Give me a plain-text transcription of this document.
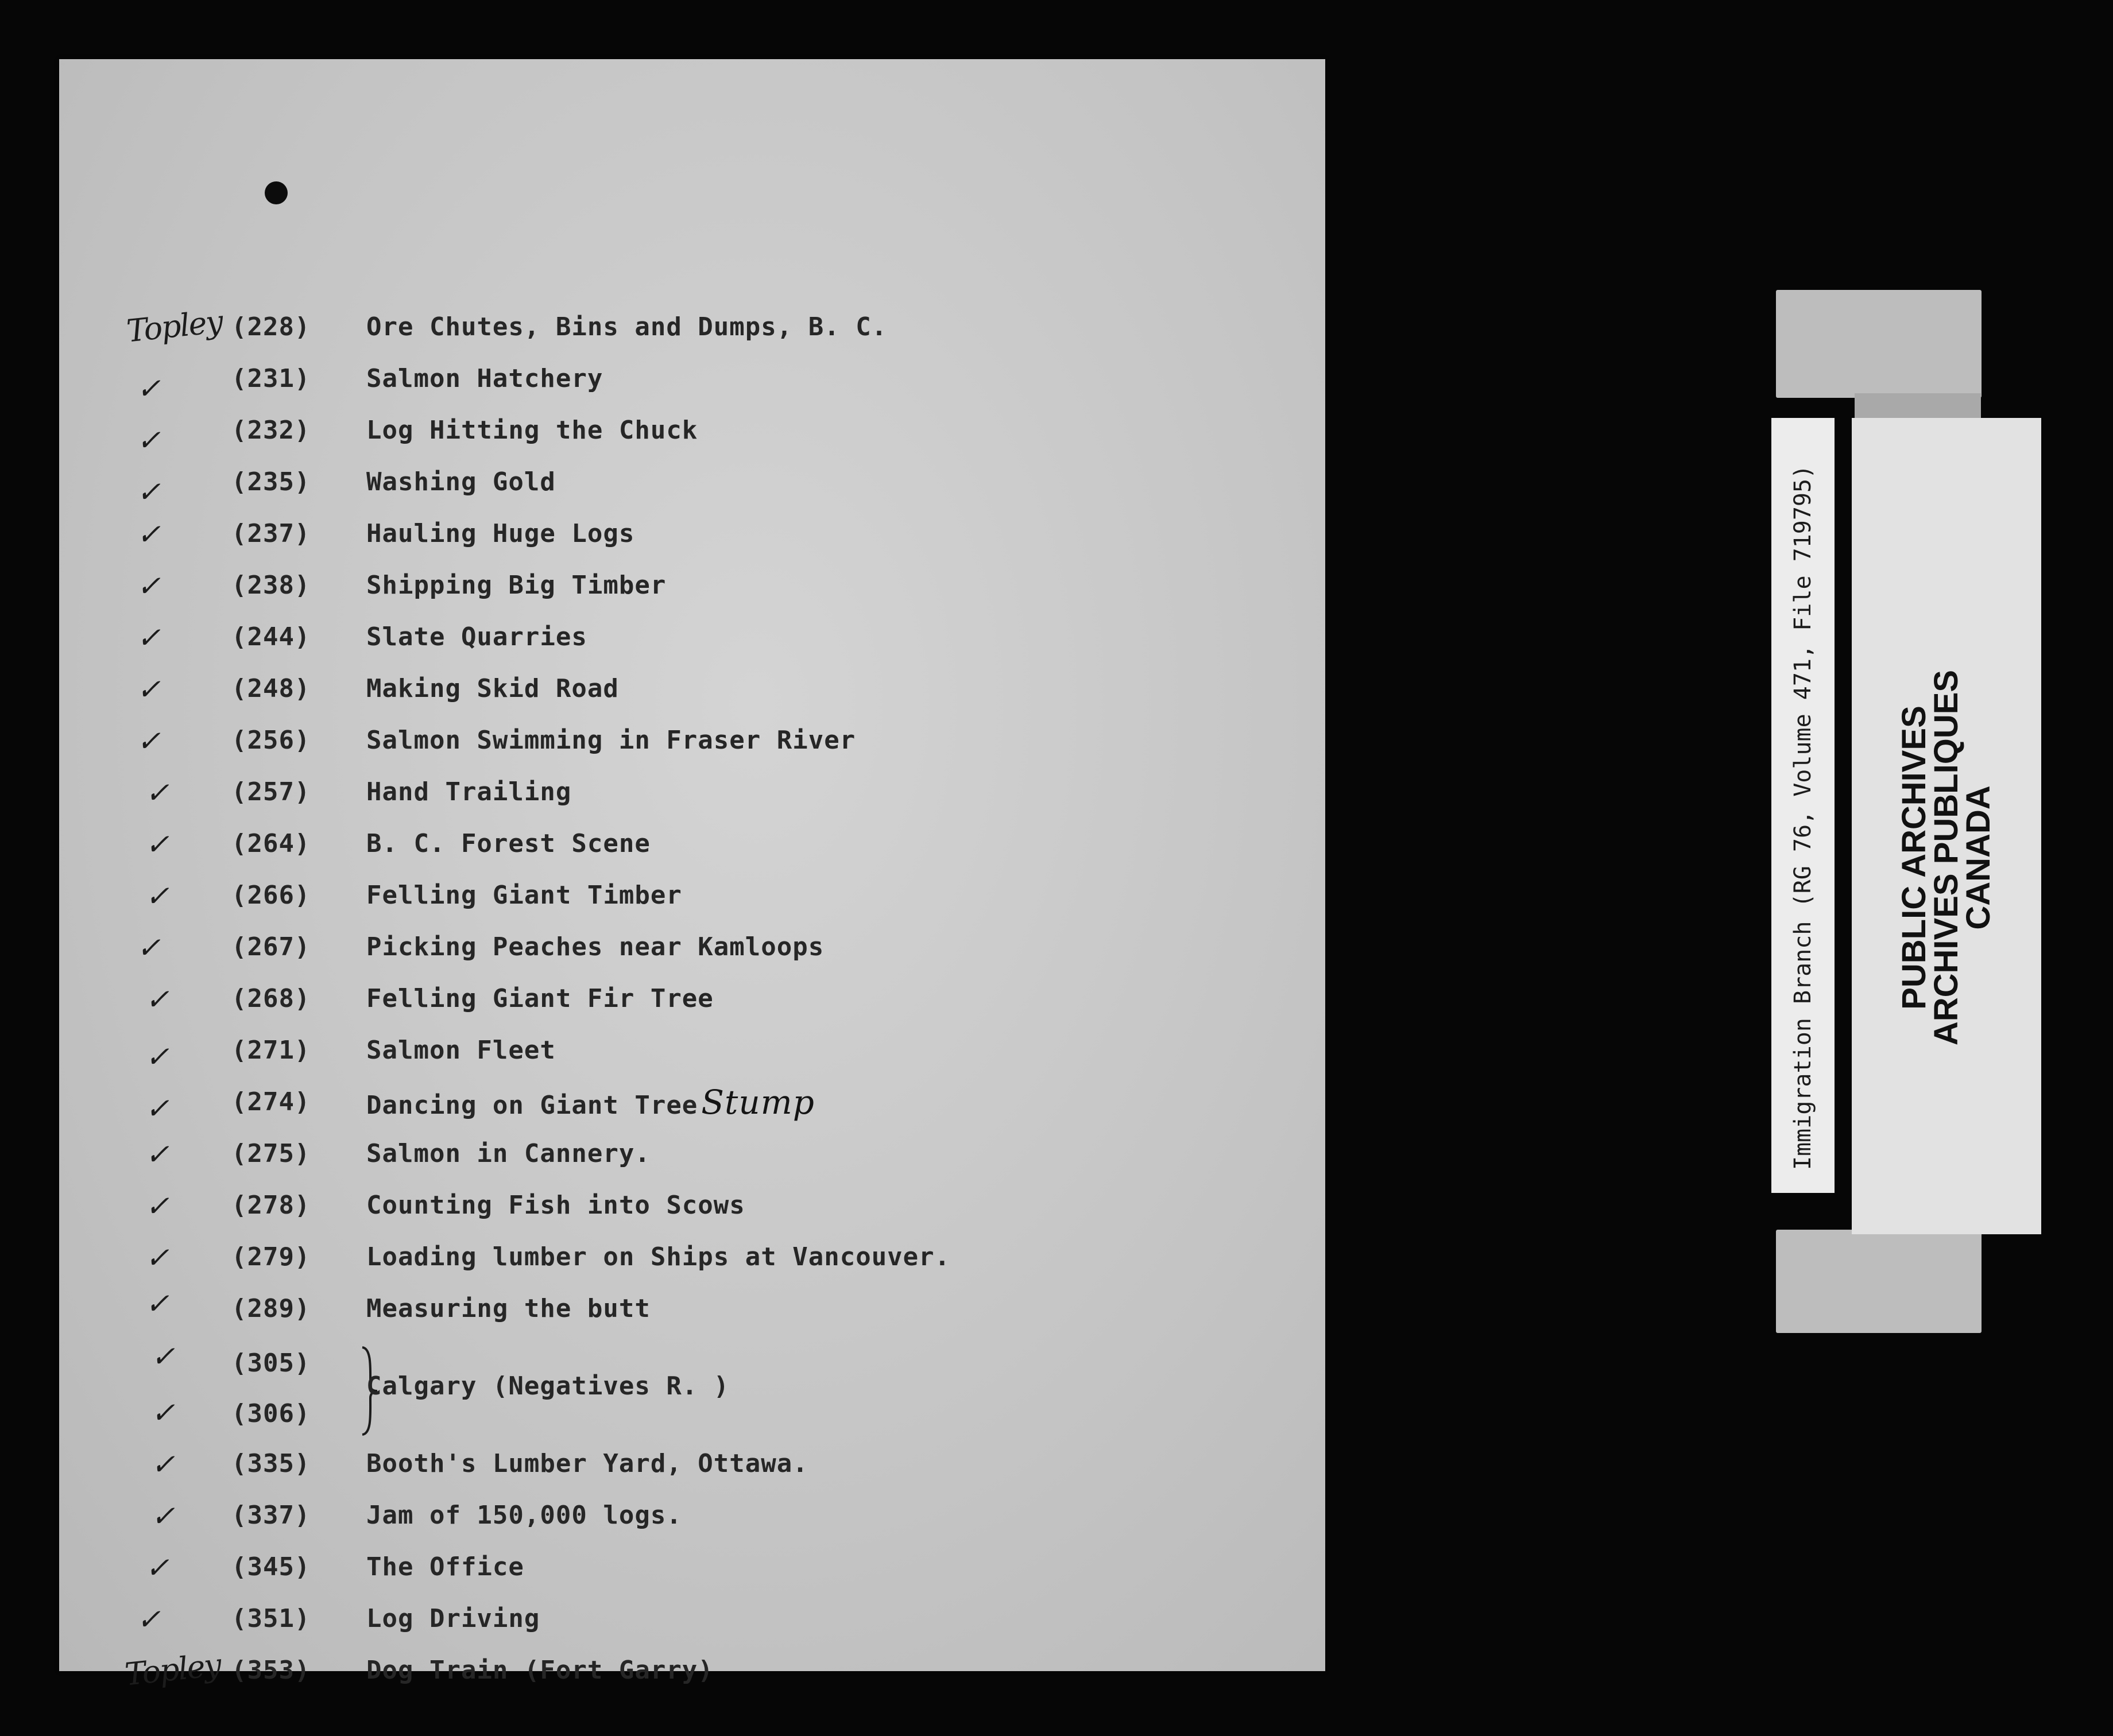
Topley (228) Ore Chutes, Bins and Dumps, B. C.
✓	(231) Salmon Hatchery
✓	(232) Log Hitting the Chuck
✓	(235) Washing Gold
✓	(237) Hauling Huge Logs
✓	(238) Shipping Big Timber
✓	(244) Slate Quarries
✓	(248) Making Skid Road
✓	(256) Salmon Swimming in Fraser River
✓	(257) Hand Trailing
✓	(264) B. C. Forest Scene
✓	(266) Felling Giant Timber
✓	(267) Picking Peaches near Kamloops
✓	(268) Felling Giant Fir Tree
✓	(271) Salmon Fleet
✓	(274) Dancing on Giant Tree Stump
✓	(275) Salmon in Cannery.
✓	(278) Counting Fish into Scows
✓	(279) Loading lumber on Ships at Vancouver.
✓	(289) Measuring the butt
✓	(305)
✓	(306)
Calgary (Negatives R. )
✓	(335) Booth's Lumber Yard, Ottawa.
✓	(337) Jam of 150,000 logs.
✓	(345) The Office
✓	(351) Log Driving
Topley (353) Dog Train (Fort Garry)
Immigration Branch (RG 76, Volume 471, File 719795) PUBLIC ARCHIVES
ARCHIVES PUBLIQUES
CANADA
